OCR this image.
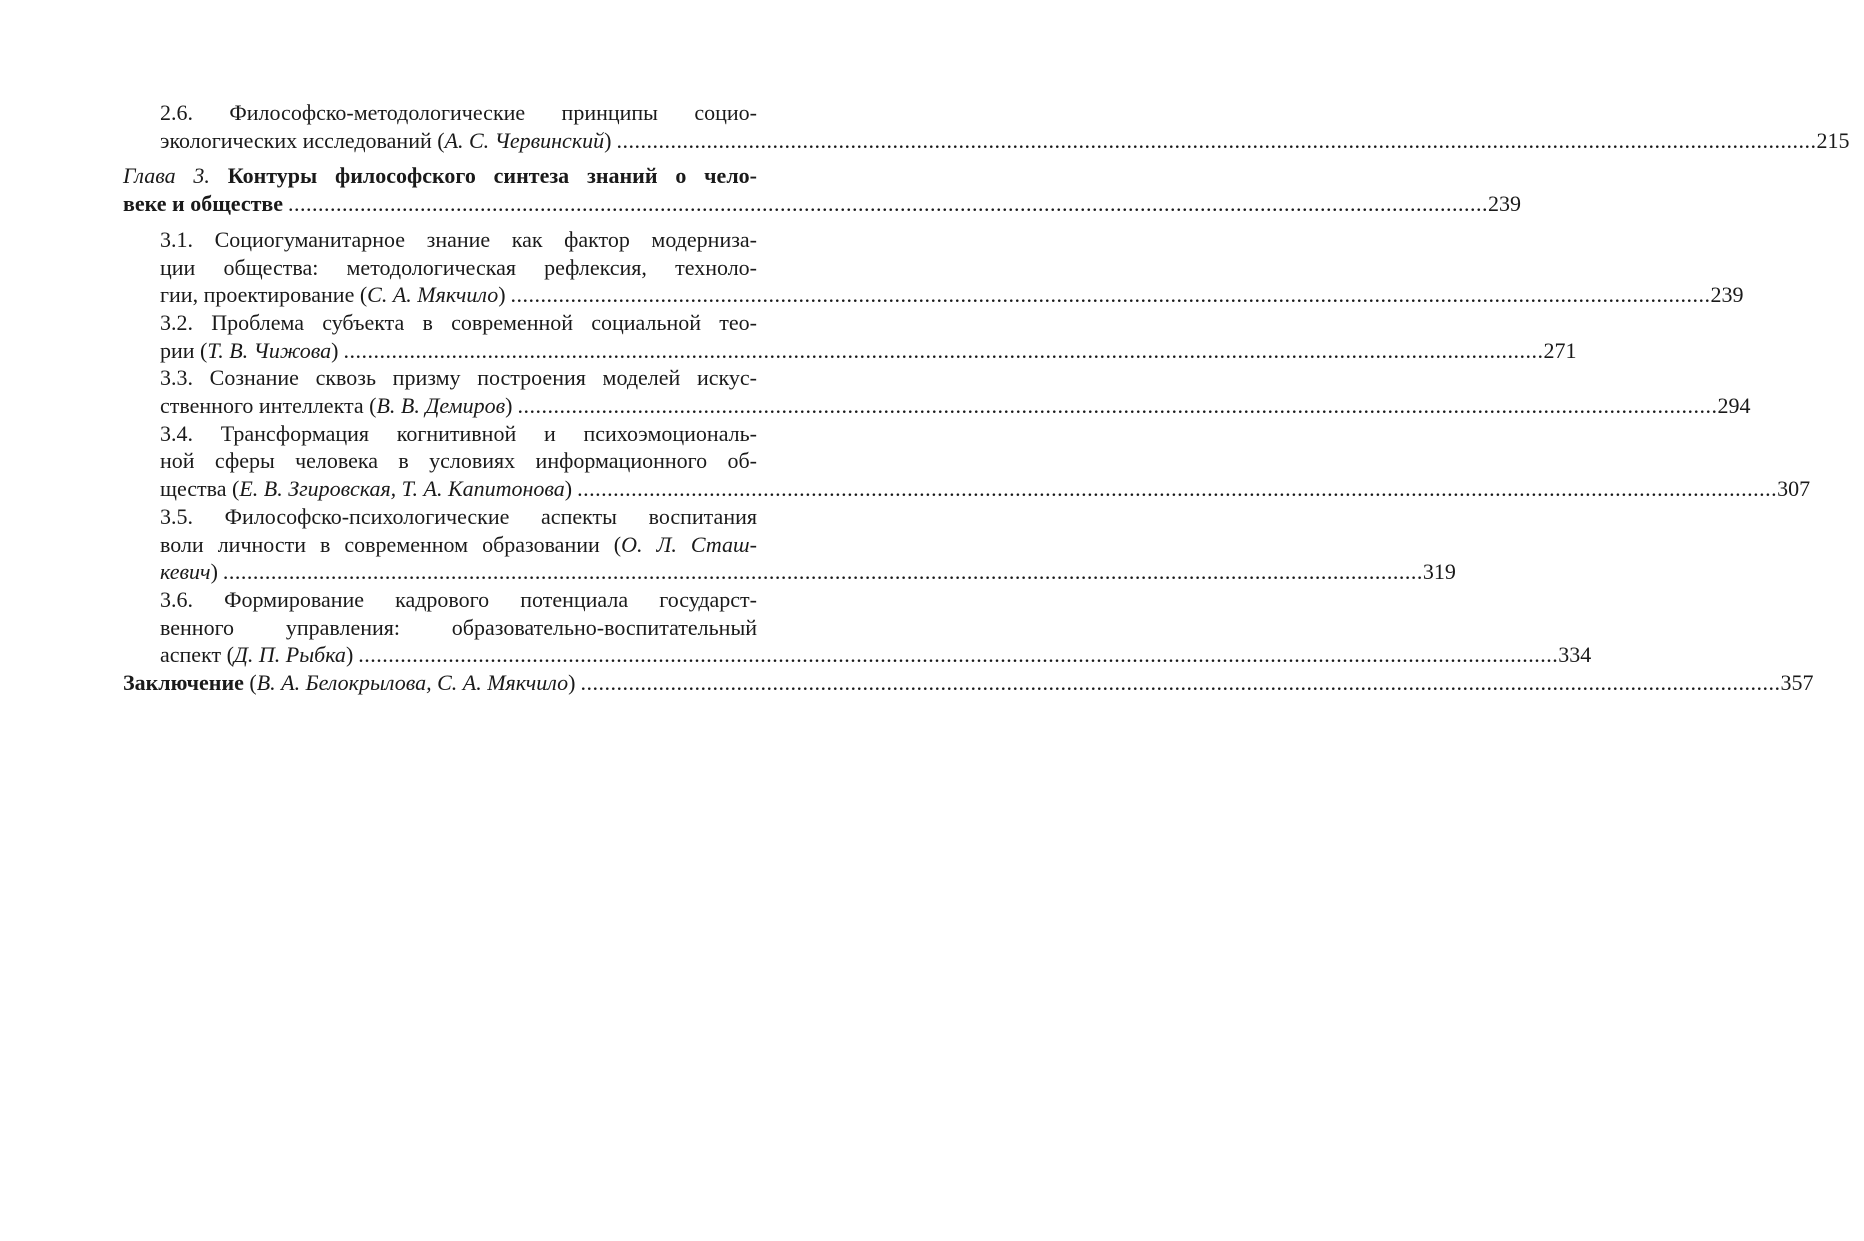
2.6. Философско-методологические принципы социо-
экологических исследований (А. С. Червинский) ........................................................................................................................................................................................................ 215
Глава 3. Контуры философского синтеза знаний о чело-
веке и обществе ........................................................................................................................................................................................................ 239
3.1. Социогуманитарное знание как фактор модерниза-
ции общества: методологическая рефлексия, техноло-
гии, проектирование (С. А. Мякчило) ........................................................................................................................................................................................................ 239
3.2. Проблема субъекта в современной социальной тео-
рии (Т. В. Чижова) ........................................................................................................................................................................................................ 271
3.3. Сознание сквозь призму построения моделей искус-
ственного интеллекта (В. В. Демиров) ........................................................................................................................................................................................................ 294
3.4. Трансформация когнитивной и психоэмоциональ-
ной сферы человека в условиях информационного об-
щества (Е. В. Згировская, Т. А. Капитонова) ........................................................................................................................................................................................................ 307
3.5. Философско-психологические аспекты воспитания
воли личности в современном образовании (О. Л. Сташ-
кевич) ........................................................................................................................................................................................................ 319
3.6. Формирование кадрового потенциала государст-
венного управления: образовательно-воспитательный
аспект (Д. П. Рыбка) ........................................................................................................................................................................................................ 334
Заключение (В. А. Белокрылова, С. А. Мякчило) ........................................................................................................................................................................................................ 357
